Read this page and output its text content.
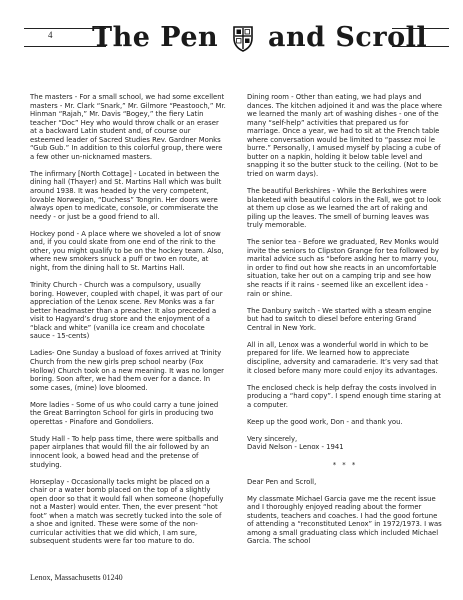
4 The Pen and Scroll

The masters - For a small school, we had some excellent masters - Mr. Clark “Snark,” Mr. Gilmore “Peastooch,” Mr. Hinman “Rajah,” Mr. Davis “Bogey,” the fiery Latin teacher “Doc” Hey who would throw chalk or an eraser at a backward Latin student and, of course our esteemed leader of Sacred Studies Rev. Gardner Monks “Gub Gub.” In addition to this colorful group, there were a few other un-nicknamed masters.

The infirmary [North Cottage] - Located in between the dining hall (Thayer) and St. Martins Hall which was built around 1938. It was headed by the very competent, lovable Norwegian, “Duchess” Tongrin. Her doors were always open to medicate, console, or commiserate the needy - or just be a good friend to all.

Hockey pond - A place where we shoveled a lot of snow and, if you could skate from one end of the rink to the other, you might qualify to be on the hockey team. Also, where new smokers snuck a puff or two en route, at night, from the dining hall to St. Martins Hall.

Trinity Church - Church was a compulsory, usually boring. However, coupled with chapel, it was part of our appreciation of the Lenox scene. Rev Monks was a far better headmaster than a preacher. It also preceded a visit to Hagyard’s drug store and the enjoyment of a “black and white” (vanilla ice cream and chocolate sauce - 15-cents)

Ladies- One Sunday a busload of foxes arrived at Trinity Church from the new girls prep school nearby (Fox Hollow) Church took on a new meaning. It was no longer boring. Soon after, we had them over for a dance. In some cases, (mine) love bloomed.

More ladies - Some of us who could carry a tune joined the Great Barrington School for girls in producing two operettas - Pinafore and Gondoliers.

Study Hall - To help pass time, there were spitballs and paper airplanes that would fill the air followed by an innocent look, a bowed head and the pretense of studying.

Horseplay - Occasionally tacks might be placed on a chair or a water bomb placed on the top of a slightly open door so that it would fall when someone (hopefully not a Master) would enter. Then, the ever present “hot foot” when a match was secretly tucked into the sole of a shoe and ignited. These were some of the non-curricular activities that we did which, I am sure, subsequent students were far too mature to do.

Dining room - Other than eating, we had plays and dances. The kitchen adjoined it and was the place where we learned the manly art of washing dishes - one of the many “self-help” activities that prepared us for marriage. Once a year, we had to sit at the French table where conversation would be limited to “passez moi le burre.” Personally, I amused myself by placing a cube of butter on a napkin, holding it below table level and snapping it so the butter stuck to the ceiling. (Not to be tried on warm days).

The beautiful Berkshires - While the Berkshires were blanketed with beautiful colors in the Fall, we got to look at them up close as we learned the art of raking and piling up the leaves. The smell of burning leaves was truly memorable.

The senior tea - Before we graduated, Rev Monks would invite the seniors to Clipston Grange for tea followed by marital advice such as “before asking her to marry you, in order to find out how she reacts in an uncomfortable situation, take her out on a camping trip and see how she reacts if it rains - seemed like an excellent idea - rain or shine.

The Danbury switch - We started with a steam engine but had to switch to diesel before entering Grand Central in New York.

All in all, Lenox was a wonderful world in which to be prepared for life. We learned how to appreciate discipline, adversity and camaraderie. It’s very sad that it closed before many more could enjoy its advantages.

The enclosed check is help defray the costs involved in producing a “hard copy”. I spend enough time staring at a computer.

Keep up the good work, Don - and thank you.

Very sincerely,
David Nelson - Lenox - 1941

* * *

Dear Pen and Scroll,

My classmate Michael Garcia gave me the recent issue and I thoroughly enjoyed reading about the former students, teachers and coaches. I had the good fortune of attending a “reconstituted Lenox” in 1972/1973. I was among a small graduating class which included Michael Garcia. The school

Lenox, Massachusetts 01240
